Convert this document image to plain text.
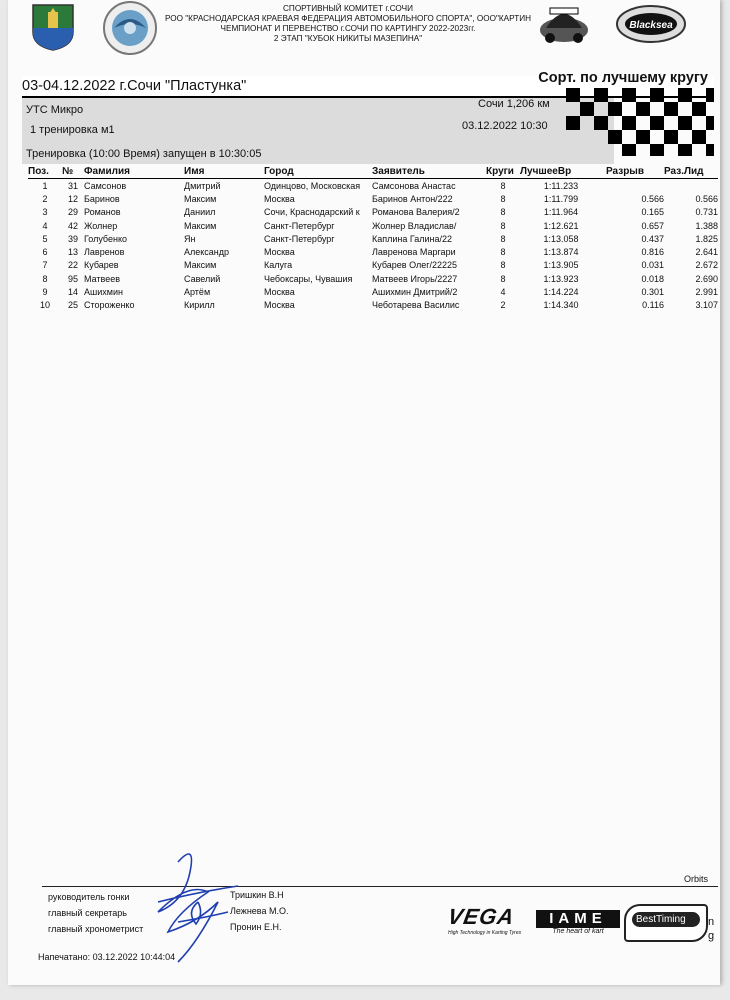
СПОРТИВНЫЙ КОМИТЕТ г.СОЧИ
РОО "КРАСНОДАРСКАЯ КРАЕВАЯ ФЕДЕРАЦИЯ АВТОМОБИЛЬНОГО СПОРТА", ООО"КАРТИН
ЧЕМПИОНАТ И ПЕРВЕНСТВО г.СОЧИ ПО КАРТИНГУ 2022-2023гг.
2 ЭТАП "КУБОК НИКИТЫ МАЗЕПИНА"
Blacksea
03-04.12.2022 г.Сочи "Пластунка"	Сорт. по лучшему кругу
УТС Микро
1 тренировка м1
Тренировка (10:00 Время) запущен в 10:30:05
Сочи 1,206 км
03.12.2022 10:30
Поз.	№	Фамилия	Имя	Город	Заявитель	Круги	ЛучшееВр	Разрыв	Раз.Лид
1	31	Самсонов	Дмитрий	Одинцово, Московская	Самсонова Анастас	8	1:11.233		
2	12	Баринов	Максим	Москва	Баринов Антон/222	8	1:11.799	0.566	0.566
3	29	Романов	Даниил	Сочи, Краснодарский к	Романова Валерия/2	8	1:11.964	0.165	0.731
4	42	Жолнер	Максим	Санкт-Петербург	Жолнер Владислав/	8	1:12.621	0.657	1.388
5	39	Голубенко	Ян	Санкт-Петербург	Каплина Галина/22	8	1:13.058	0.437	1.825
6	13	Лавренов	Александр	Москва	Лавренова Маргари	8	1:13.874	0.816	2.641
7	22	Кубарев	Максим	Калуга	Кубарев Олег/22225	8	1:13.905	0.031	2.672
8	95	Матвеев	Савелий	Чебоксары, Чувашия	Матвеев Игорь/2227	8	1:13.923	0.018	2.690
9	14	Ашихмин	Артём	Москва	Ашихмин Дмитрий/2	4	1:14.224	0.301	2.991
10	25	Стороженко	Кирилл	Москва	Чеботарева Василис	2	1:14.340	0.116	3.107
Orbits
руководитель гонки	Тришкин В.Н
главный секретарь	Лежнева М.О.
главный хронометрист	Пронин Е.Н.
Напечатано: 03.12.2022 10:44:04
VEGA
High Technology in Karting Tyres
IAME
The heart of kart
BestTiming	n
g
